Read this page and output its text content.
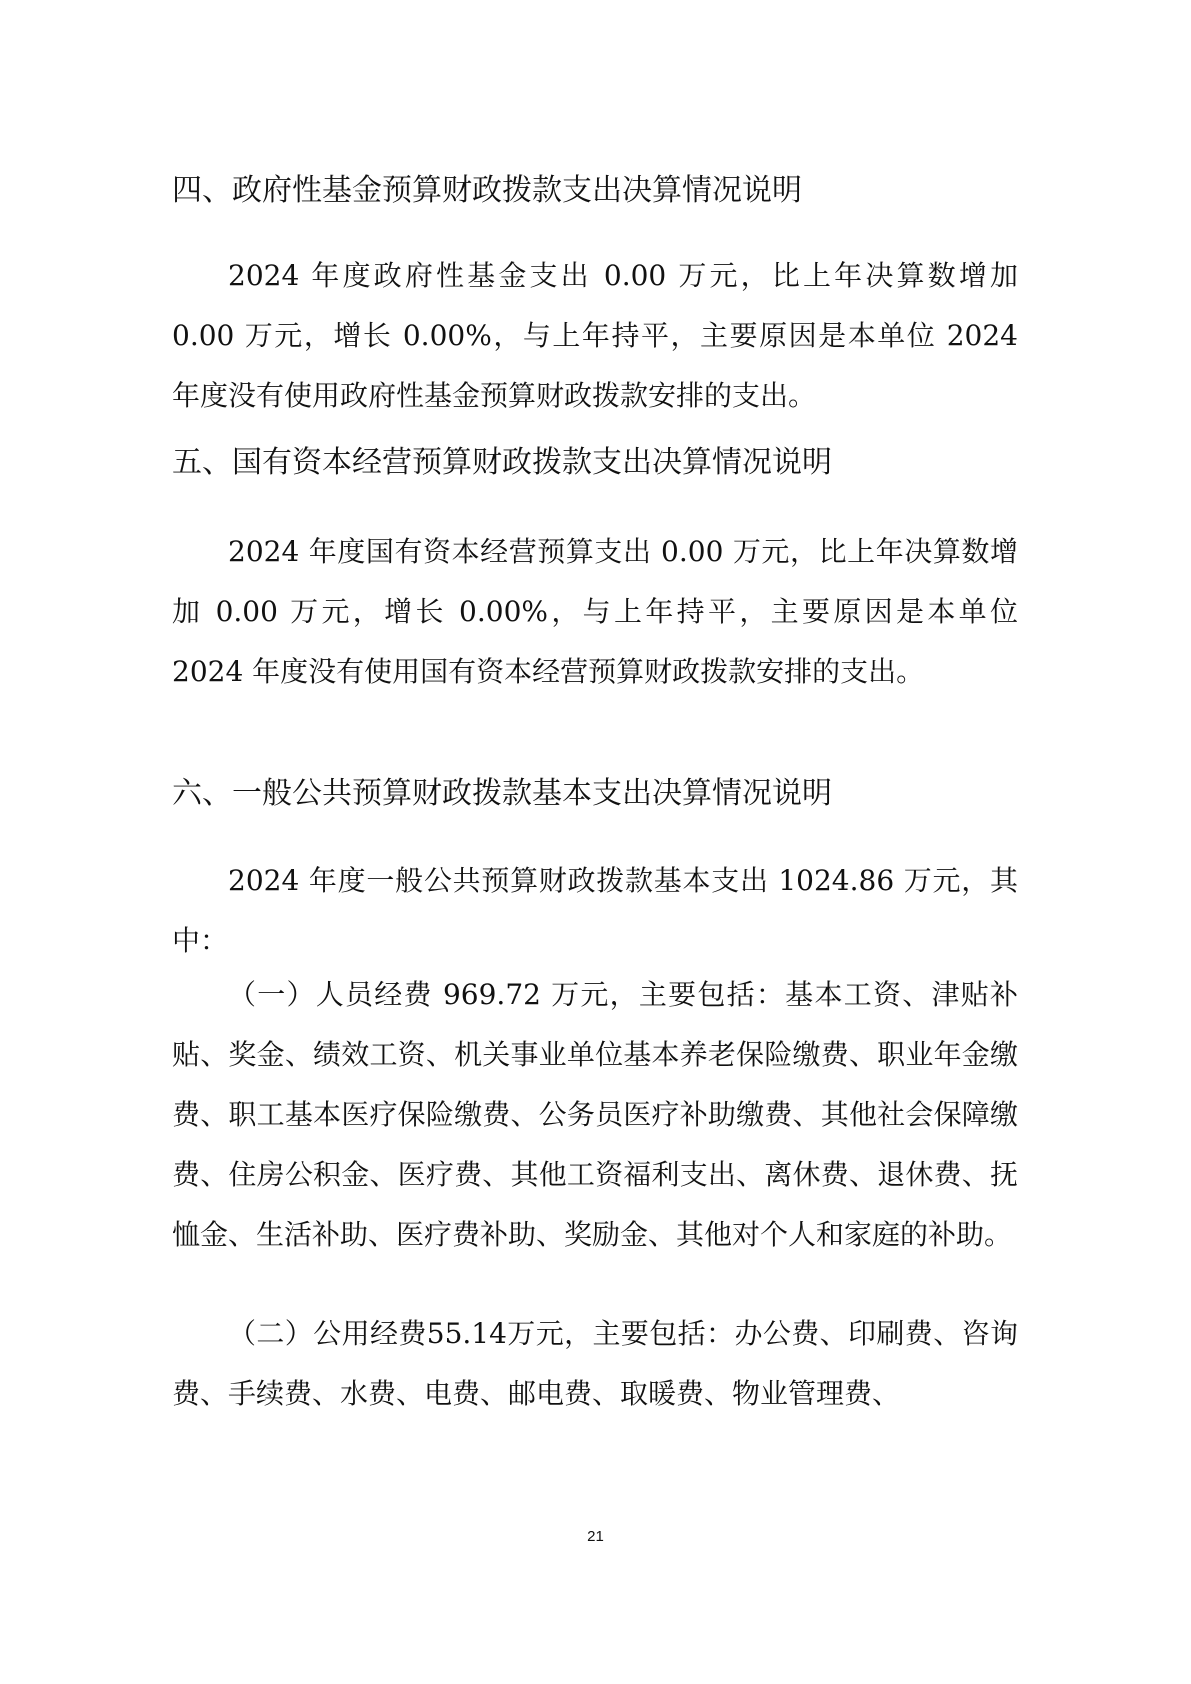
四、政府性基金预算财政拨款支出决算情况说明

2024 年度政府性基金支出 0.00 万元，比上年决算数增加 0.00 万元，增长 0.00%，与上年持平，主要原因是本单位 2024 年度没有使用政府性基金预算财政拨款安排的支出。

五、国有资本经营预算财政拨款支出决算情况说明

2024 年度国有资本经营预算支出 0.00 万元，比上年决算数增加 0.00 万元，增长 0.00%，与上年持平，主要原因是本单位 2024 年度没有使用国有资本经营预算财政拨款安排的支出。

六、一般公共预算财政拨款基本支出决算情况说明

2024 年度一般公共预算财政拨款基本支出 1024.86 万元，其中：

（一）人员经费 969.72 万元，主要包括：基本工资、津贴补贴、奖金、绩效工资、机关事业单位基本养老保险缴费、职业年金缴费、职工基本医疗保险缴费、公务员医疗补助缴费、其他社会保障缴费、住房公积金、医疗费、其他工资福利支出、离休费、退休费、抚恤金、生活补助、医疗费补助、奖励金、其他对个人和家庭的补助。

（二）公用经费55.14万元，主要包括：办公费、印刷费、咨询费、手续费、水费、电费、邮电费、取暖费、物业管理费、

21
